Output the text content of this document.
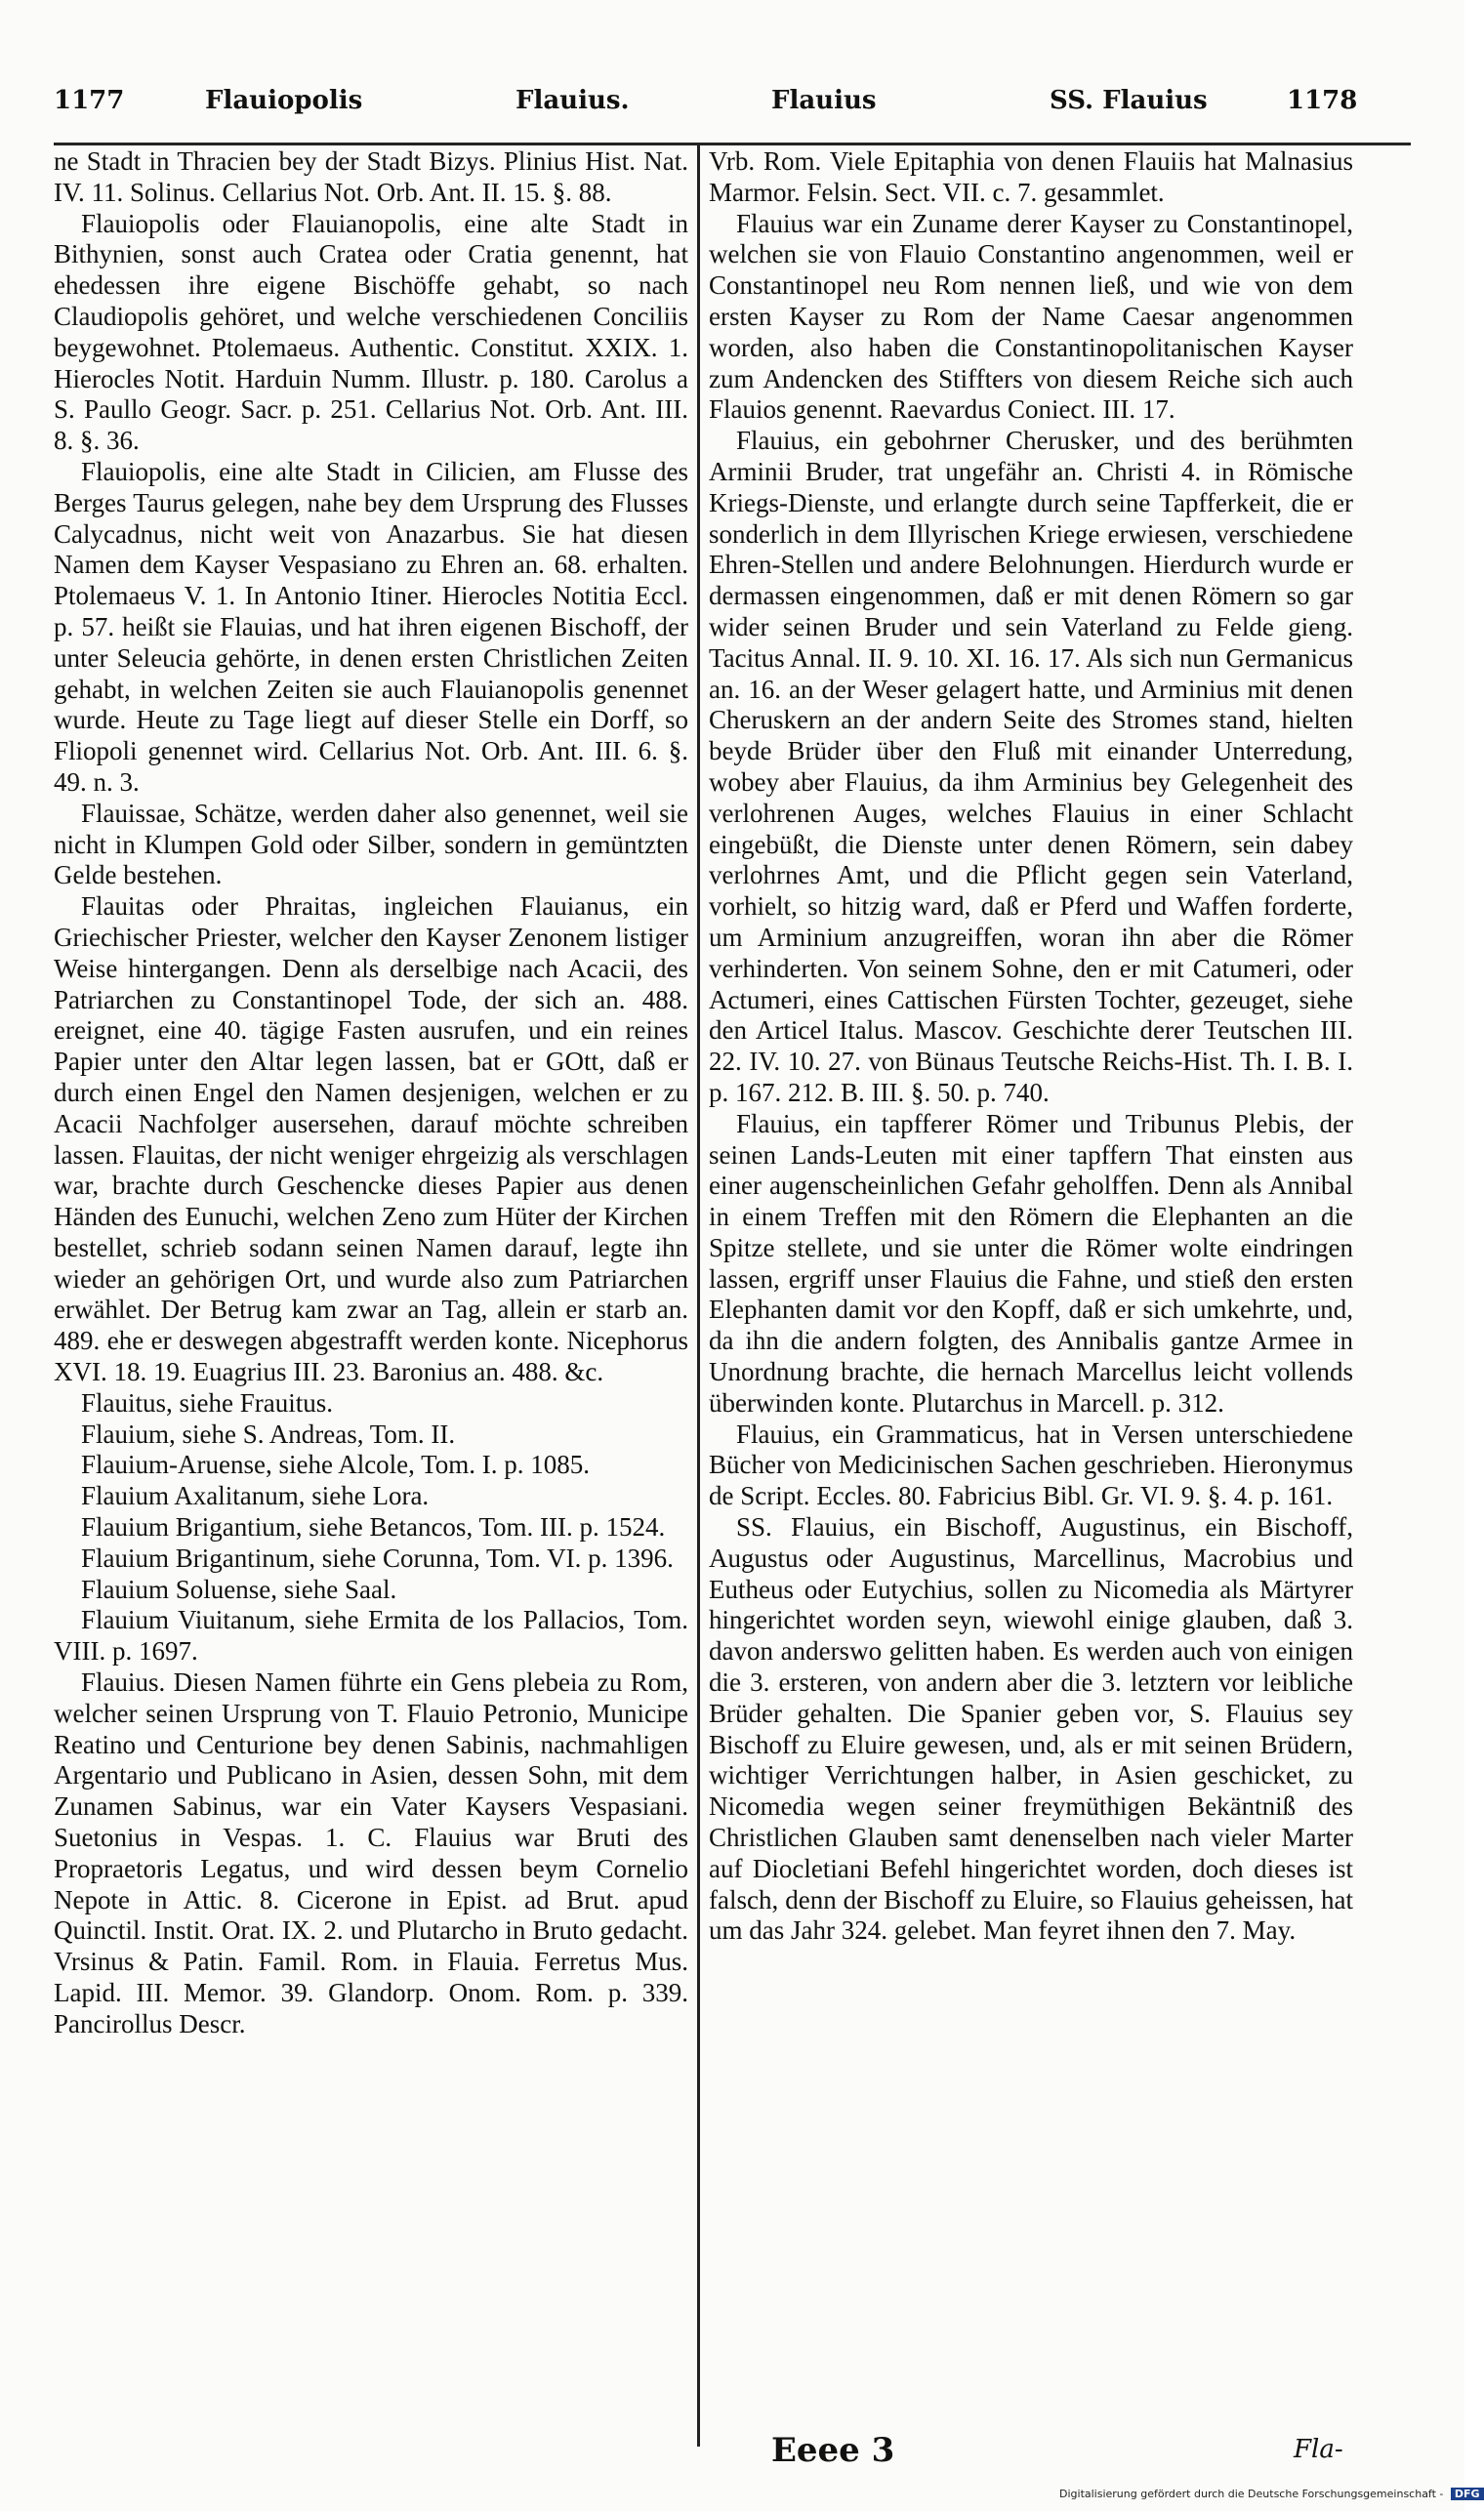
1177	Flauiopolis	Flauius.	Flauius	SS. Flauius	1178

ne Stadt in Thracien bey der Stadt Bizys. Plinius Hist. Nat. IV. 11. Solinus. Cellarius Not. Orb. Ant. II. 15. §. 88.

Flauiopolis oder Flauianopolis, eine alte Stadt in Bithynien, sonst auch Cratea oder Cratia genennt, hat ehedessen ihre eigene Bischöffe gehabt, so nach Claudiopolis gehöret, und welche verschiedenen Conciliis beygewohnet. Ptolemaeus. Authentic. Constitut. XXIX. 1. Hierocles Notit. Harduin Numm. Illustr. p. 180. Carolus a S. Paullo Geogr. Sacr. p. 251. Cellarius Not. Orb. Ant. III. 8. §. 36.

Flauiopolis, eine alte Stadt in Cilicien, am Flusse des Berges Taurus gelegen, nahe bey dem Ursprung des Flusses Calycadnus, nicht weit von Anazarbus. Sie hat diesen Namen dem Kayser Vespasiano zu Ehren an. 68. erhalten. Ptolemaeus V. 1. In Antonio Itiner. Hierocles Notitia Eccl. p. 57. heißt sie Flauias, und hat ihren eigenen Bischoff, der unter Seleucia gehörte, in denen ersten Christlichen Zeiten gehabt, in welchen Zeiten sie auch Flauianopolis genennet wurde. Heute zu Tage liegt auf dieser Stelle ein Dorff, so Fliopoli genennet wird. Cellarius Not. Orb. Ant. III. 6. §. 49. n. 3.

Flauissae, Schätze, werden daher also genennet, weil sie nicht in Klumpen Gold oder Silber, sondern in gemüntzten Gelde bestehen.

Flauitas oder Phraitas, ingleichen Flauianus, ein Griechischer Priester, welcher den Kayser Zenonem listiger Weise hintergangen. Denn als derselbige nach Acacii, des Patriarchen zu Constantinopel Tode, der sich an. 488. ereignet, eine 40. tägige Fasten ausrufen, und ein reines Papier unter den Altar legen lassen, bat er GOtt, daß er durch einen Engel den Namen desjenigen, welchen er zu Acacii Nachfolger ausersehen, darauf möchte schreiben lassen. Flauitas, der nicht weniger ehrgeizig als verschlagen war, brachte durch Geschencke dieses Papier aus denen Händen des Eunuchi, welchen Zeno zum Hüter der Kirchen bestellet, schrieb sodann seinen Namen darauf, legte ihn wieder an gehörigen Ort, und wurde also zum Patriarchen erwählet. Der Betrug kam zwar an Tag, allein er starb an. 489. ehe er deswegen abgestrafft werden konte. Nicephorus XVI. 18. 19. Euagrius III. 23. Baronius an. 488. &c.

Flauitus, siehe Frauitus.

Flauium, siehe S. Andreas, Tom. II.

Flauium-Aruense, siehe Alcole, Tom. I. p. 1085.

Flauium Axalitanum, siehe Lora.

Flauium Brigantium, siehe Betancos, Tom. III. p. 1524.

Flauium Brigantinum, siehe Corunna, Tom. VI. p. 1396.

Flauium Soluense, siehe Saal.

Flauium Viuitanum, siehe Ermita de los Pallacios, Tom. VIII. p. 1697.

Flauius. Diesen Namen führte ein Gens plebeia zu Rom, welcher seinen Ursprung von T. Flauio Petronio, Municipe Reatino und Centurione bey denen Sabinis, nachmahligen Argentario und Publicano in Asien, dessen Sohn, mit dem Zunamen Sabinus, war ein Vater Kaysers Vespasiani. Suetonius in Vespas. 1. C. Flauius war Bruti des Propraetoris Legatus, und wird dessen beym Cornelio Nepote in Attic. 8. Cicerone in Epist. ad Brut. apud Quinctil. Instit. Orat. IX. 2. und Plutarcho in Bruto gedacht. Vrsinus & Patin. Famil. Rom. in Flauia. Ferretus Mus. Lapid. III. Memor. 39. Glandorp. Onom. Rom. p. 339. Pancirollus Descr.

Vrb. Rom. Viele Epitaphia von denen Flauiis hat Malnasius Marmor. Felsin. Sect. VII. c. 7. gesammlet.

Flauius war ein Zuname derer Kayser zu Constantinopel, welchen sie von Flauio Constantino angenommen, weil er Constantinopel neu Rom nennen ließ, und wie von dem ersten Kayser zu Rom der Name Caesar angenommen worden, also haben die Constantinopolitanischen Kayser zum Andencken des Stiffters von diesem Reiche sich auch Flauios genennt. Raevardus Coniect. III. 17.

Flauius, ein gebohrner Cherusker, und des berühmten Arminii Bruder, trat ungefähr an. Christi 4. in Römische Kriegs-Dienste, und erlangte durch seine Tapfferkeit, die er sonderlich in dem Illyrischen Kriege erwiesen, verschiedene Ehren-Stellen und andere Belohnungen. Hierdurch wurde er dermassen eingenommen, daß er mit denen Römern so gar wider seinen Bruder und sein Vaterland zu Felde gieng. Tacitus Annal. II. 9. 10. XI. 16. 17. Als sich nun Germanicus an. 16. an der Weser gelagert hatte, und Arminius mit denen Cheruskern an der andern Seite des Stromes stand, hielten beyde Brüder über den Fluß mit einander Unterredung, wobey aber Flauius, da ihm Arminius bey Gelegenheit des verlohrenen Auges, welches Flauius in einer Schlacht eingebüßt, die Dienste unter denen Römern, sein dabey verlohrnes Amt, und die Pflicht gegen sein Vaterland, vorhielt, so hitzig ward, daß er Pferd und Waffen forderte, um Arminium anzugreiffen, woran ihn aber die Römer verhinderten. Von seinem Sohne, den er mit Catumeri, oder Actumeri, eines Cattischen Fürsten Tochter, gezeuget, siehe den Articel Italus. Mascov. Geschichte derer Teutschen III. 22. IV. 10. 27. von Bünaus Teutsche Reichs-Hist. Th. I. B. I. p. 167. 212. B. III. §. 50. p. 740.

Flauius, ein tapfferer Römer und Tribunus Plebis, der seinen Lands-Leuten mit einer tapffern That einsten aus einer augenscheinlichen Gefahr geholffen. Denn als Annibal in einem Treffen mit den Römern die Elephanten an die Spitze stellete, und sie unter die Römer wolte eindringen lassen, ergriff unser Flauius die Fahne, und stieß den ersten Elephanten damit vor den Kopff, daß er sich umkehrte, und, da ihn die andern folgten, des Annibalis gantze Armee in Unordnung brachte, die hernach Marcellus leicht vollends überwinden konte. Plutarchus in Marcell. p. 312.

Flauius, ein Grammaticus, hat in Versen unterschiedene Bücher von Medicinischen Sachen geschrieben. Hieronymus de Script. Eccles. 80. Fabricius Bibl. Gr. VI. 9. §. 4. p. 161.

SS. Flauius, ein Bischoff, Augustinus, ein Bischoff, Augustus oder Augustinus, Marcellinus, Macrobius und Eutheus oder Eutychius, sollen zu Nicomedia als Märtyrer hingerichtet worden seyn, wiewohl einige glauben, daß 3. davon anderswo gelitten haben. Es werden auch von einigen die 3. ersteren, von andern aber die 3. letztern vor leibliche Brüder gehalten. Die Spanier geben vor, S. Flauius sey Bischoff zu Eluire gewesen, und, als er mit seinen Brüdern, wichtiger Verrichtungen halber, in Asien geschicket, zu Nicomedia wegen seiner freymüthigen Bekäntniß des Christlichen Glauben samt denenselben nach vieler Marter auf Diocletiani Befehl hingerichtet worden, doch dieses ist falsch, denn der Bischoff zu Eluire, so Flauius geheissen, hat um das Jahr 324. gelebet. Man feyret ihnen den 7. May.

Eeee 3	Fla-
Digitalisierung gefördert durch die Deutsche Forschungsgemeinschaft - DFG
